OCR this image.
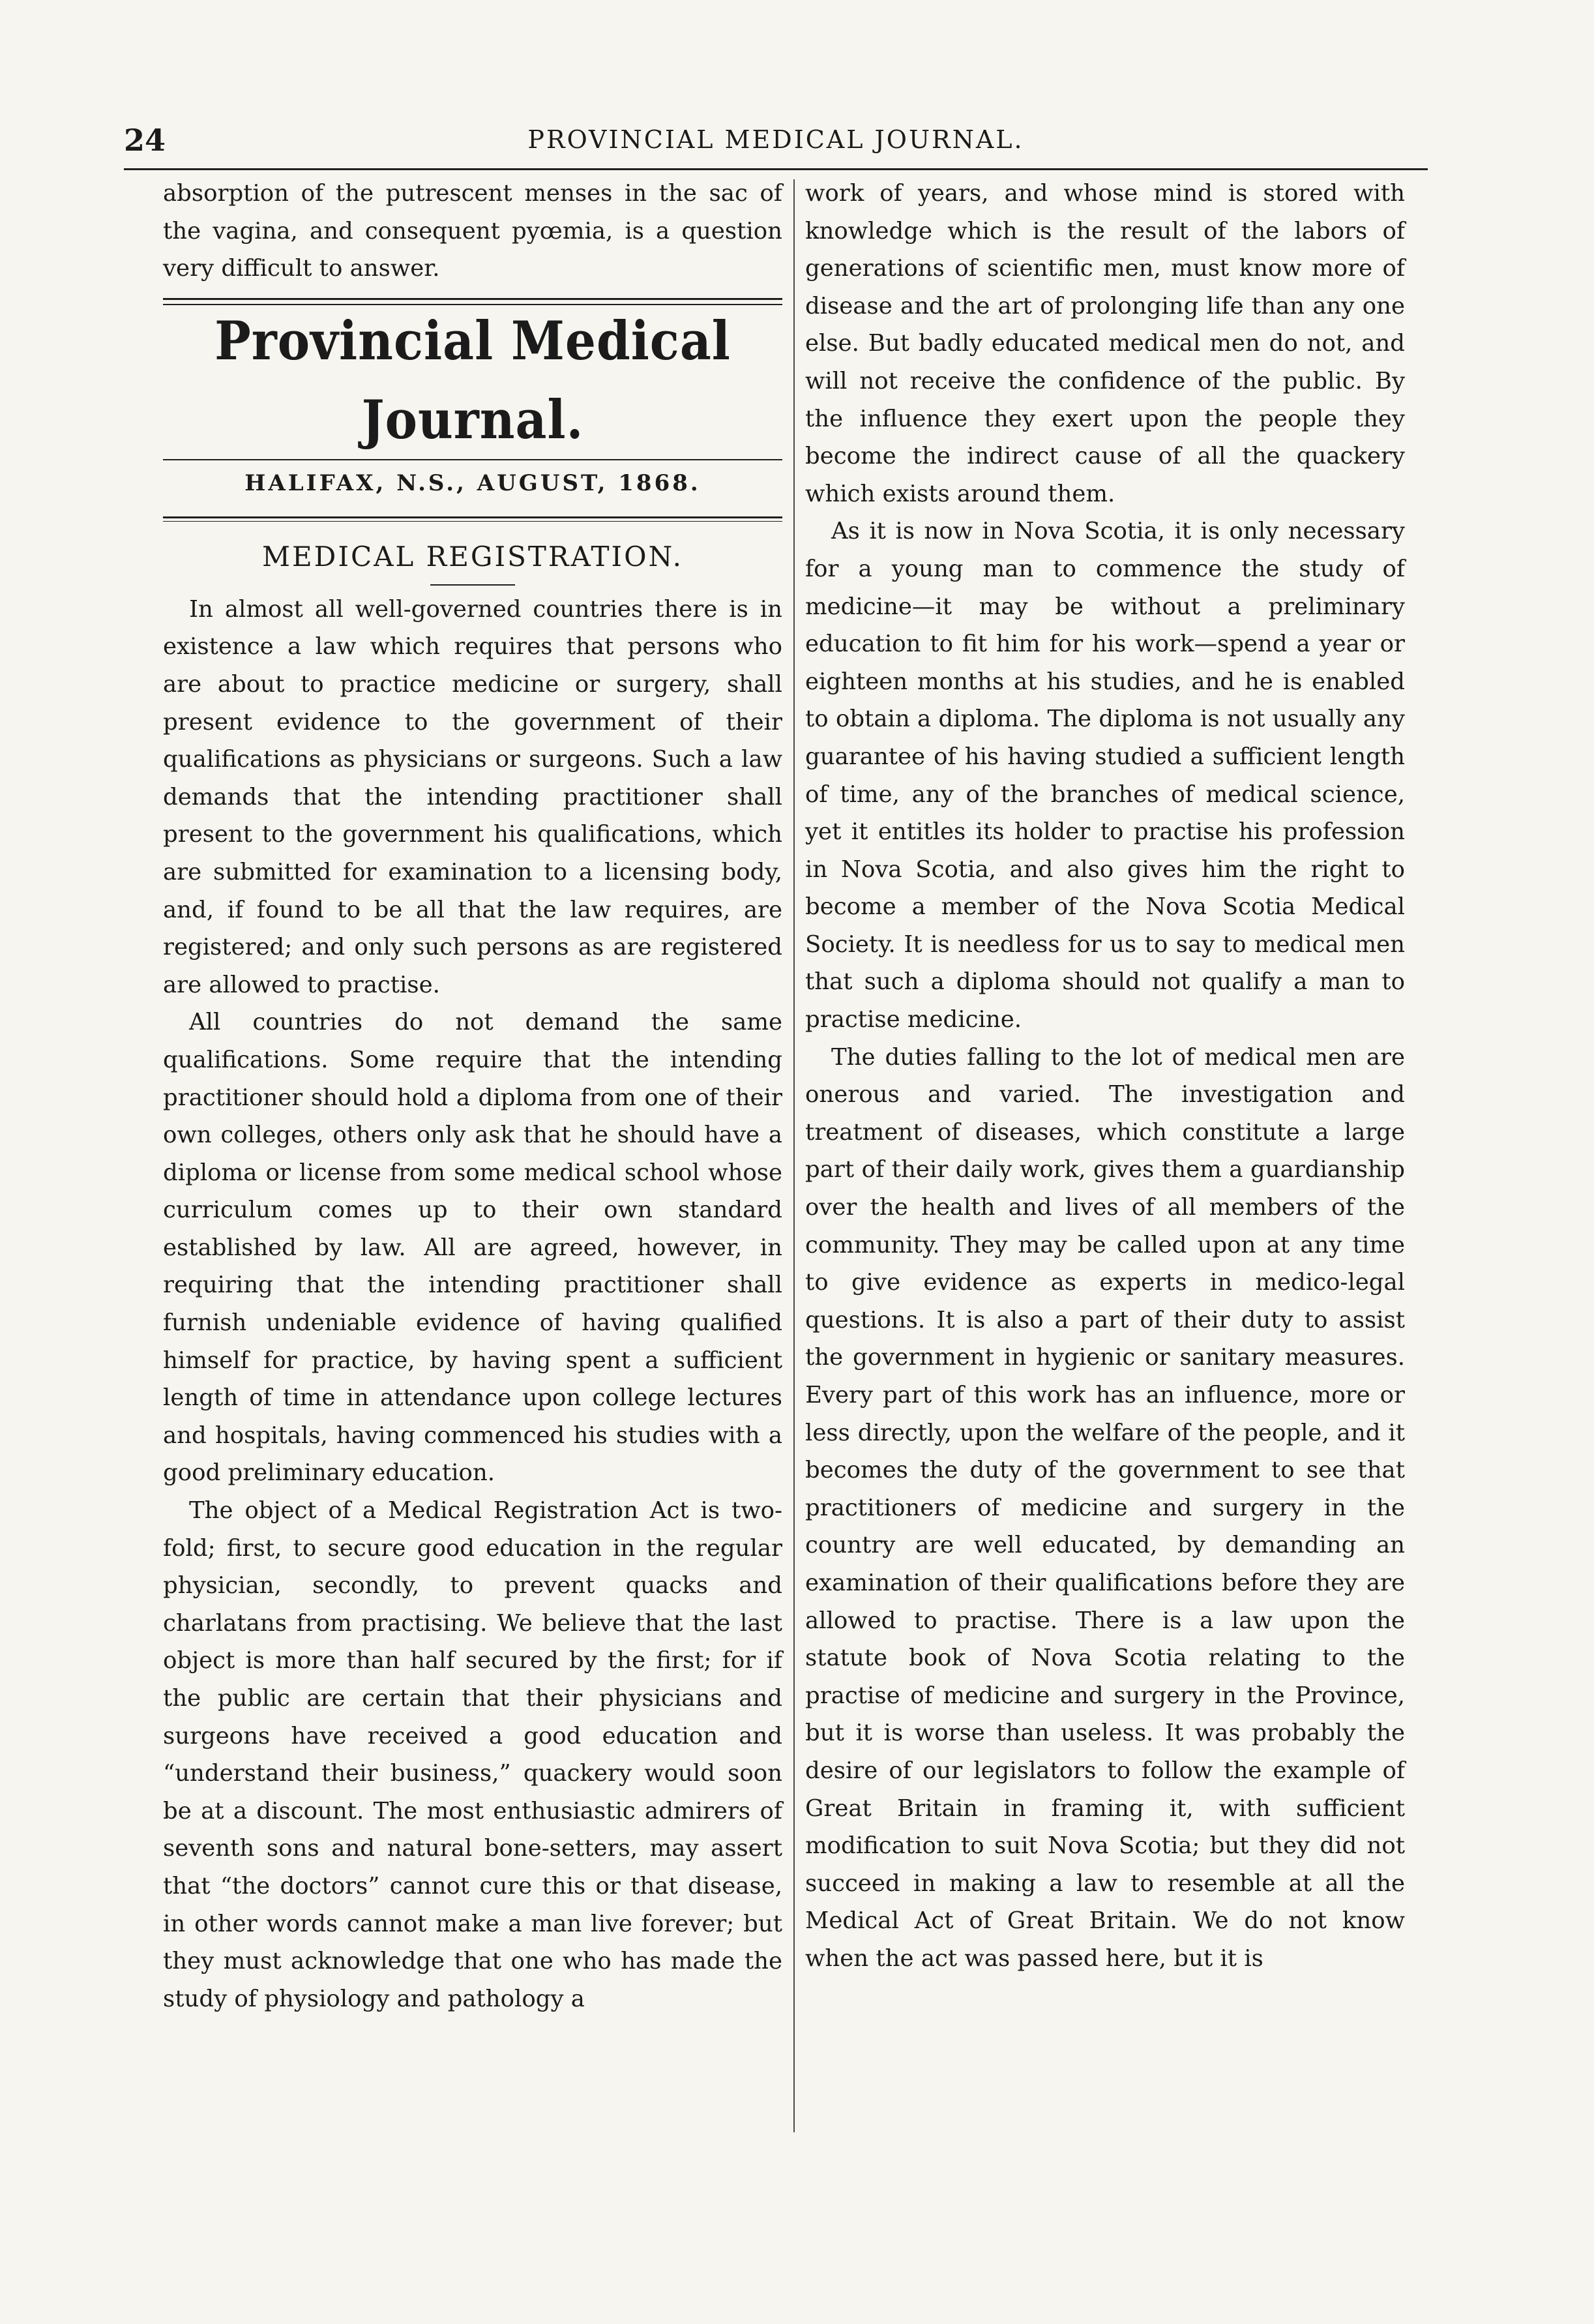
24	PROVINCIAL MEDICAL JOURNAL.

absorption of the putrescent menses in the sac of the vagina, and consequent pyœmia, is a question very difficult to answer.

Provincial Medical Journal.
HALIFAX, N.S., AUGUST, 1868.
MEDICAL REGISTRATION.

In almost all well-governed countries there is in existence a law which requires that persons who are about to practice medicine or surgery, shall present evidence to the government of their qualifications as physicians or surgeons. Such a law demands that the intending practitioner shall present to the government his qualifications, which are submitted for examination to a licensing body, and, if found to be all that the law requires, are registered; and only such persons as are registered are allowed to practise.

All countries do not demand the same qualifications. Some require that the intending practitioner should hold a diploma from one of their own colleges, others only ask that he should have a diploma or license from some medical school whose curriculum comes up to their own standard established by law. All are agreed, however, in requiring that the intending practitioner shall furnish undeniable evidence of having qualified himself for practice, by having spent a sufficient length of time in attendance upon college lectures and hospitals, having commenced his studies with a good preliminary education.

The object of a Medical Registration Act is two-fold; first, to secure good education in the regular physician, secondly, to prevent quacks and charlatans from practising. We believe that the last object is more than half secured by the first; for if the public are certain that their physicians and surgeons have received a good education and “understand their business,” quackery would soon be at a discount. The most enthusiastic admirers of seventh sons and natural bone-setters, may assert that “the doctors” cannot cure this or that disease, in other words cannot make a man live forever; but they must acknowledge that one who has made the study of physiology and pathology a

work of years, and whose mind is stored with knowledge which is the result of the labors of generations of scientific men, must know more of disease and the art of prolonging life than any one else. But badly educated medical men do not, and will not receive the confidence of the public. By the influence they exert upon the people they become the indirect cause of all the quackery which exists around them.

As it is now in Nova Scotia, it is only necessary for a young man to commence the study of medicine—it may be without a preliminary education to fit him for his work—spend a year or eighteen months at his studies, and he is enabled to obtain a diploma. The diploma is not usually any guarantee of his having studied a sufficient length of time, any of the branches of medical science, yet it entitles its holder to practise his profession in Nova Scotia, and also gives him the right to become a member of the Nova Scotia Medical Society. It is needless for us to say to medical men that such a diploma should not qualify a man to practise medicine.

The duties falling to the lot of medical men are onerous and varied. The investigation and treatment of diseases, which constitute a large part of their daily work, gives them a guardianship over the health and lives of all members of the community. They may be called upon at any time to give evidence as experts in medico-legal questions. It is also a part of their duty to assist the government in hygienic or sanitary measures. Every part of this work has an influence, more or less directly, upon the welfare of the people, and it becomes the duty of the government to see that practitioners of medicine and surgery in the country are well educated, by demanding an examination of their qualifications before they are allowed to practise. There is a law upon the statute book of Nova Scotia relating to the practise of medicine and surgery in the Province, but it is worse than useless. It was probably the desire of our legislators to follow the example of Great Britain in framing it, with sufficient modification to suit Nova Scotia; but they did not succeed in making a law to resemble at all the Medical Act of Great Britain. We do not know when the act was passed here, but it is
